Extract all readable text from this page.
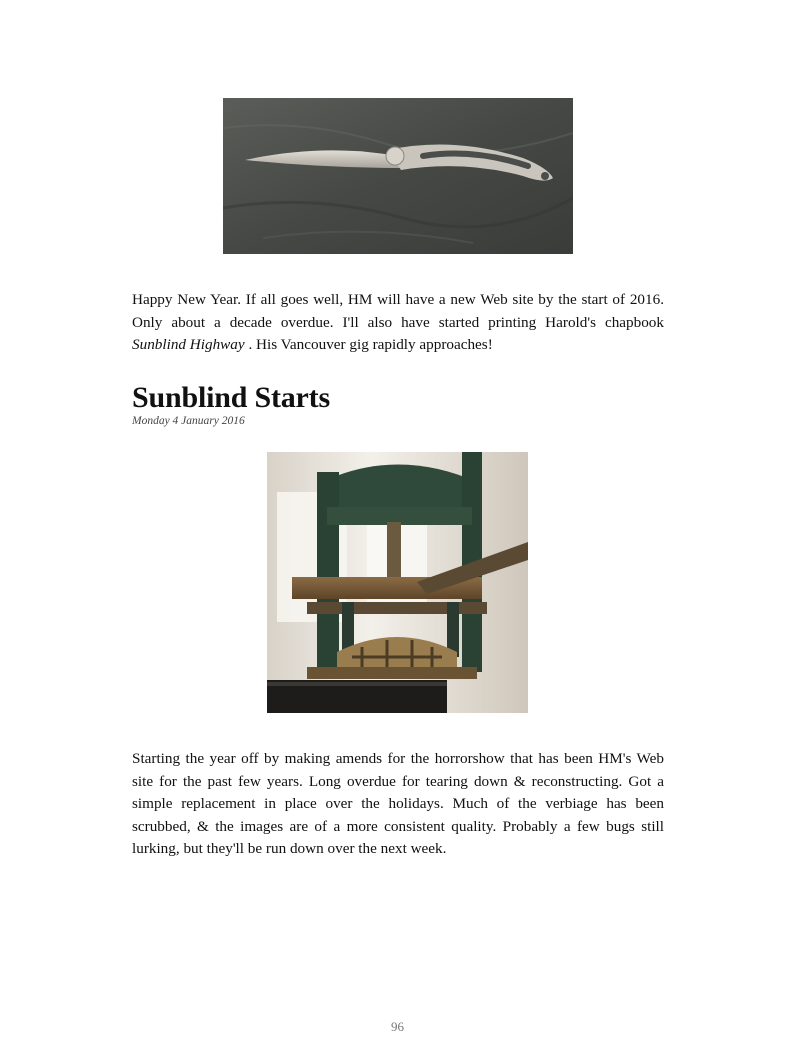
Happy New Year. If all goes well, HM will have a new Web site by the start of 2016. Only about a decade overdue. I'll also have started printing Harold's chapbook Sunblind Highway . His Vancouver gig rapidly approaches!

Sunblind Starts

Monday 4 January 2016

Starting the year off by making amends for the horrorshow that has been HM's Web site for the past few years. Long overdue for tearing down & reconstructing. Got a simple replacement in place over the holidays. Much of the verbiage has been scrubbed, & the images are of a more consistent quality. Probably a few bugs still lurking, but they'll be run down over the next week.

96
